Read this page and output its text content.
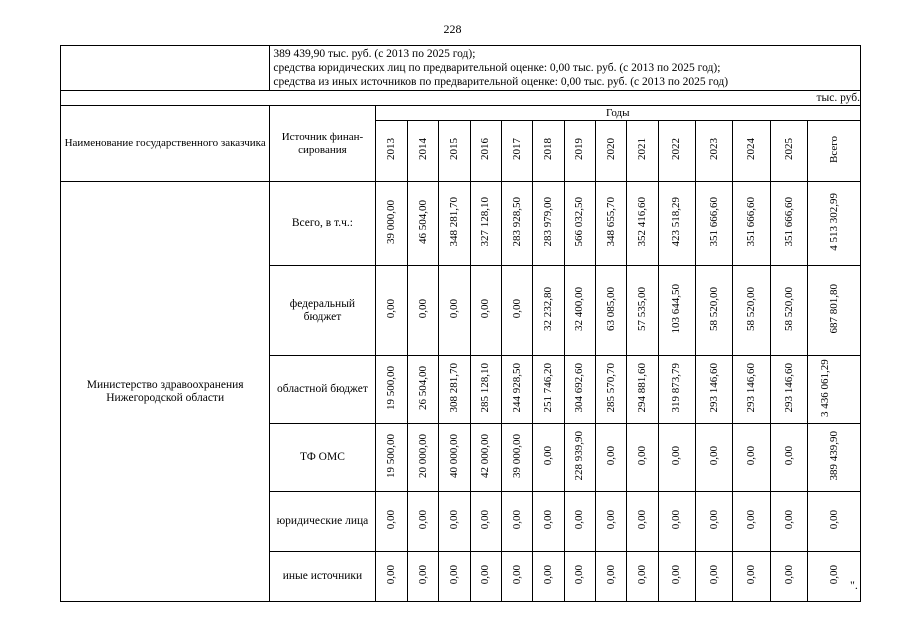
228

	389 439,90 тыс. руб. (с 2013 по 2025 год);
средства юридических лиц по предварительной оценке: 0,00 тыс. руб. (с 2013 по 2025 год);
средства из иных источников по предварительной оценке: 0,00 тыс. руб. (с 2013 по 2025 год)														

тыс. руб.															
Наименование государственного заказчика	Источник финан-сирования	Годы													
		2013	2014	2015	2016	2017	2018	2019	2020	2021	2022	2023	2024	2025	Всего
Министерство здравоохранения Нижегородской области	Всего, в т.ч.:	39 000,00	46 504,00	348 281,70	327 128,10	283 928,50	283 979,00	566 032,50	348 655,70	352 416,60	423 518,29	351 666,60	351 666,60	351 666,60	4 513 302,99
	федеральный бюджет	0,00	0,00	0,00	0,00	0,00	32 232,80	32 400,00	63 085,00	57 535,00	103 644,50	58 520,00	58 520,00	58 520,00	687 801,80
	областной бюджет	19 500,00	26 504,00	308 281,70	285 128,10	244 928,50	251 746,20	304 692,60	285 570,70	294 881,60	319 873,79	293 146,60	293 146,60	293 146,60	3 436 061,29
	ТФ ОМС	19 500,00	20 000,00	40 000,00	42 000,00	39 000,00	0,00	228 939,90	0,00	0,00	0,00	0,00	0,00	0,00	389 439,90
	юридические лица	0,00	0,00	0,00	0,00	0,00	0,00	0,00	0,00	0,00	0,00	0,00	0,00	0,00	0,00
	иные источники	0,00	0,00	0,00	0,00	0,00	0,00	0,00	0,00	0,00	0,00	0,00	0,00	0,00	0,00
".
